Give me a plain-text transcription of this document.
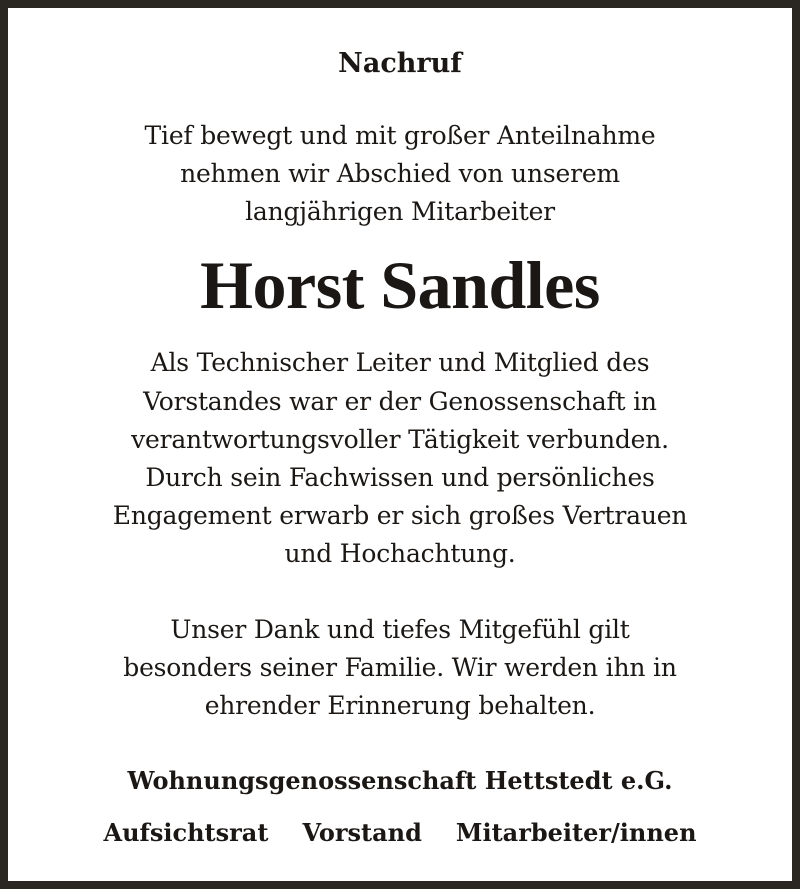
Nachruf
Tief bewegt und mit großer Anteilnahme
nehmen wir Abschied von unserem
langjährigen Mitarbeiter
Horst Sandles
Als Technischer Leiter und Mitglied des
Vorstandes war er der Genossenschaft in
verantwortungsvoller Tätigkeit verbunden.
Durch sein Fachwissen und persönliches
Engagement erwarb er sich großes Vertrauen
und Hochachtung.
Unser Dank und tiefes Mitgefühl gilt
besonders seiner Familie. Wir werden ihn in
ehrender Erinnerung behalten.
Wohnungsgenossenschaft Hettstedt e.G.
Aufsichtsrat Vorstand Mitarbeiter/innen
